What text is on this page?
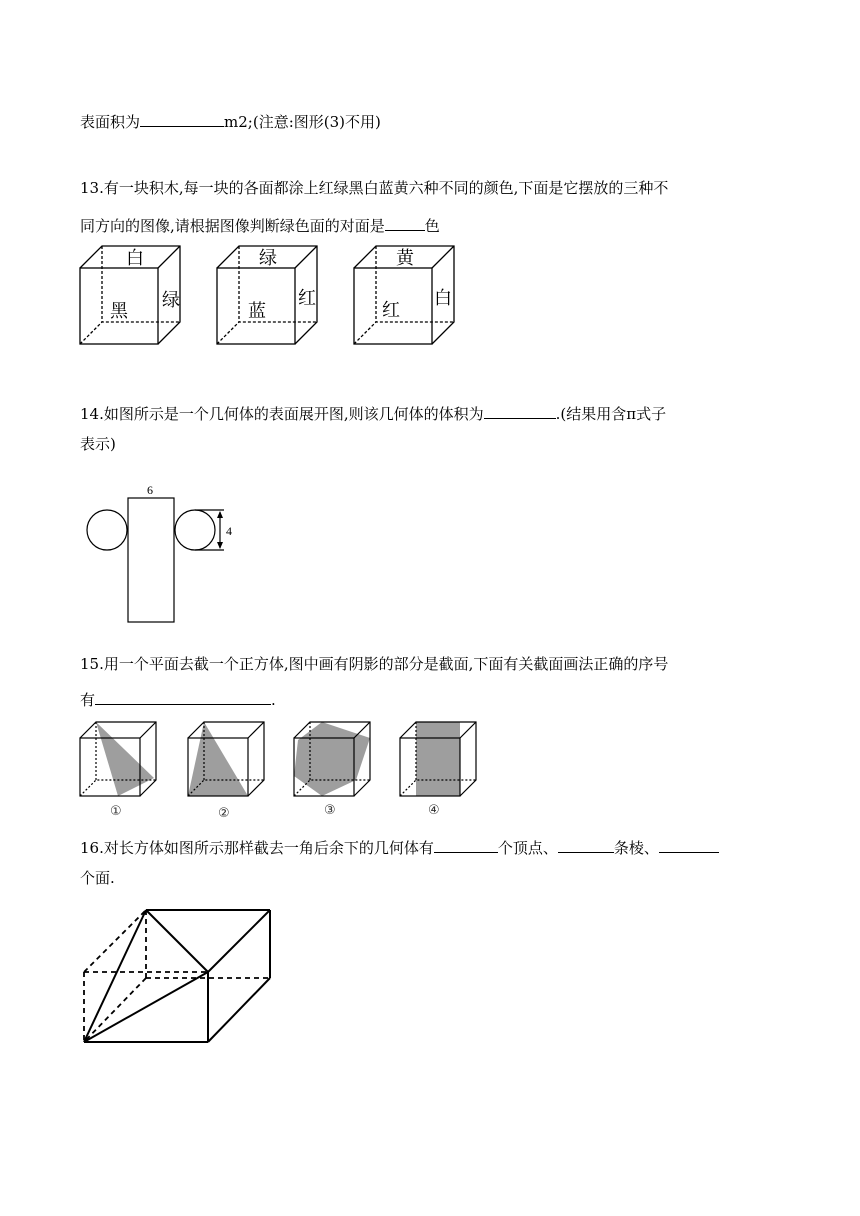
表面积为	m2;(注意:图形(3)不用)
13.有一块积木,每一块的各面都涂上红绿黑白蓝黄六种不同的颜色,下面是它摆放的三种不
同方向的图像,请根据图像判断绿色面的对面是	色
白
黑
绿
绿
蓝
红
黄
红
白
14.如图所示是一个几何体的表面展开图,则该几何体的体积为	.(结果用含π式子
表示)
6
4
15.用一个平面去截一个正方体,图中画有阴影的部分是截面,下面有关截面画法正确的序号
有	.
①	②	③	④
16.对长方体如图所示那样截去一角后余下的几何体有	个顶点、	条棱、
个面.
